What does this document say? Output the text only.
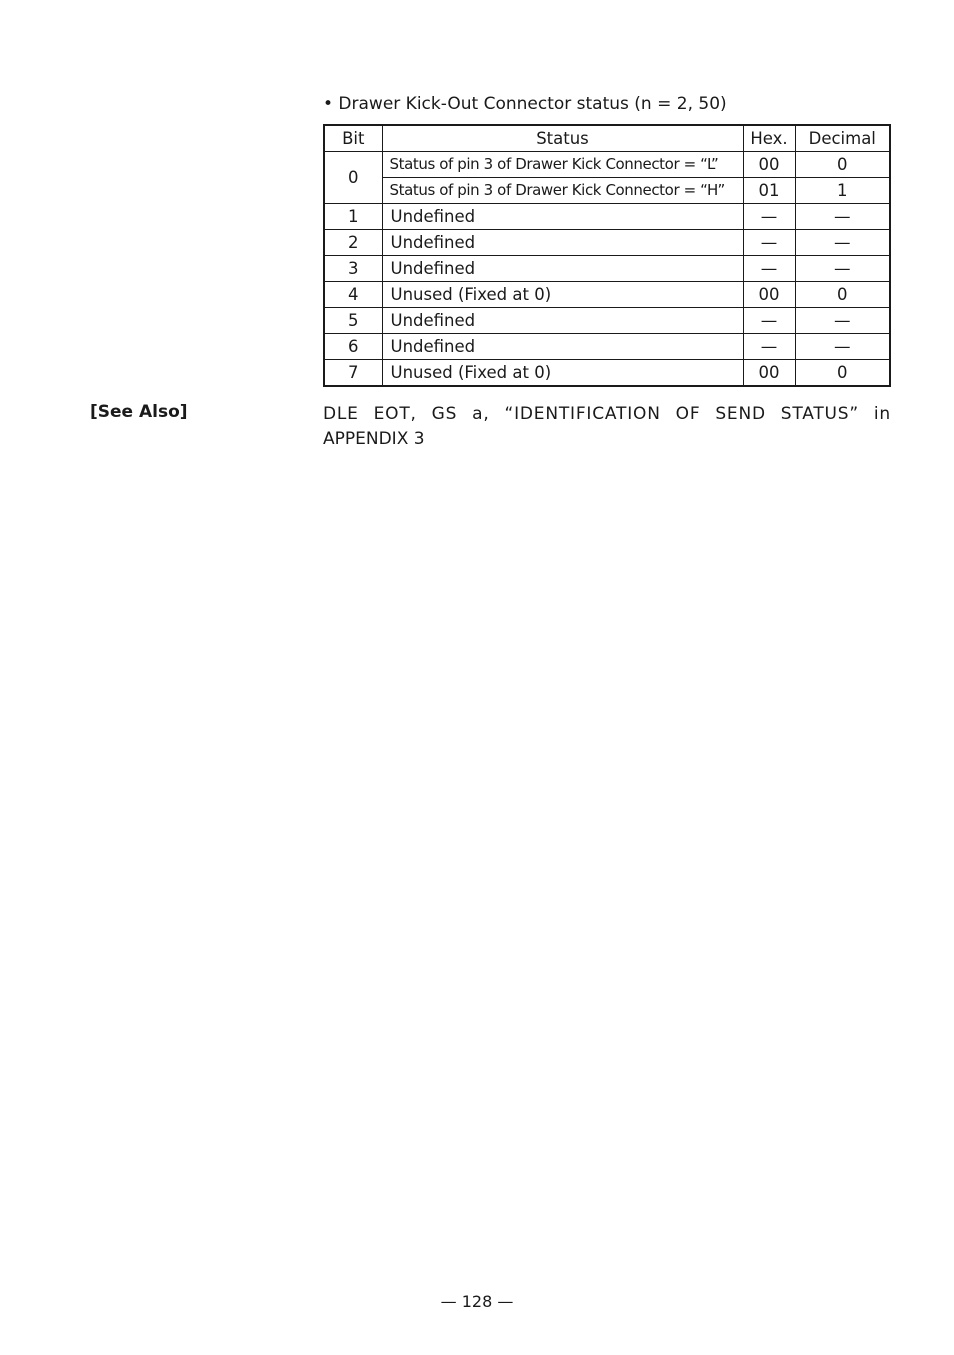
• Drawer Kick-Out Connector status (n = 2, 50)
Bit	Status	Hex.	Decimal
0	Status of pin 3 of Drawer Kick Connector = “L”	00	0
	Status of pin 3 of Drawer Kick Connector = “H”	01	1
1	Undefined	—	—
2	Undefined	—	—
3	Undefined	—	—
4	Unused (Fixed at 0)	00	0
5	Undefined	—	—
6	Undefined	—	—
7	Unused (Fixed at 0)	00	0
[See Also]	DLE EOT, GS a, “IDENTIFICATION OF SEND STATUS” in
APPENDIX 3
— 128 —
